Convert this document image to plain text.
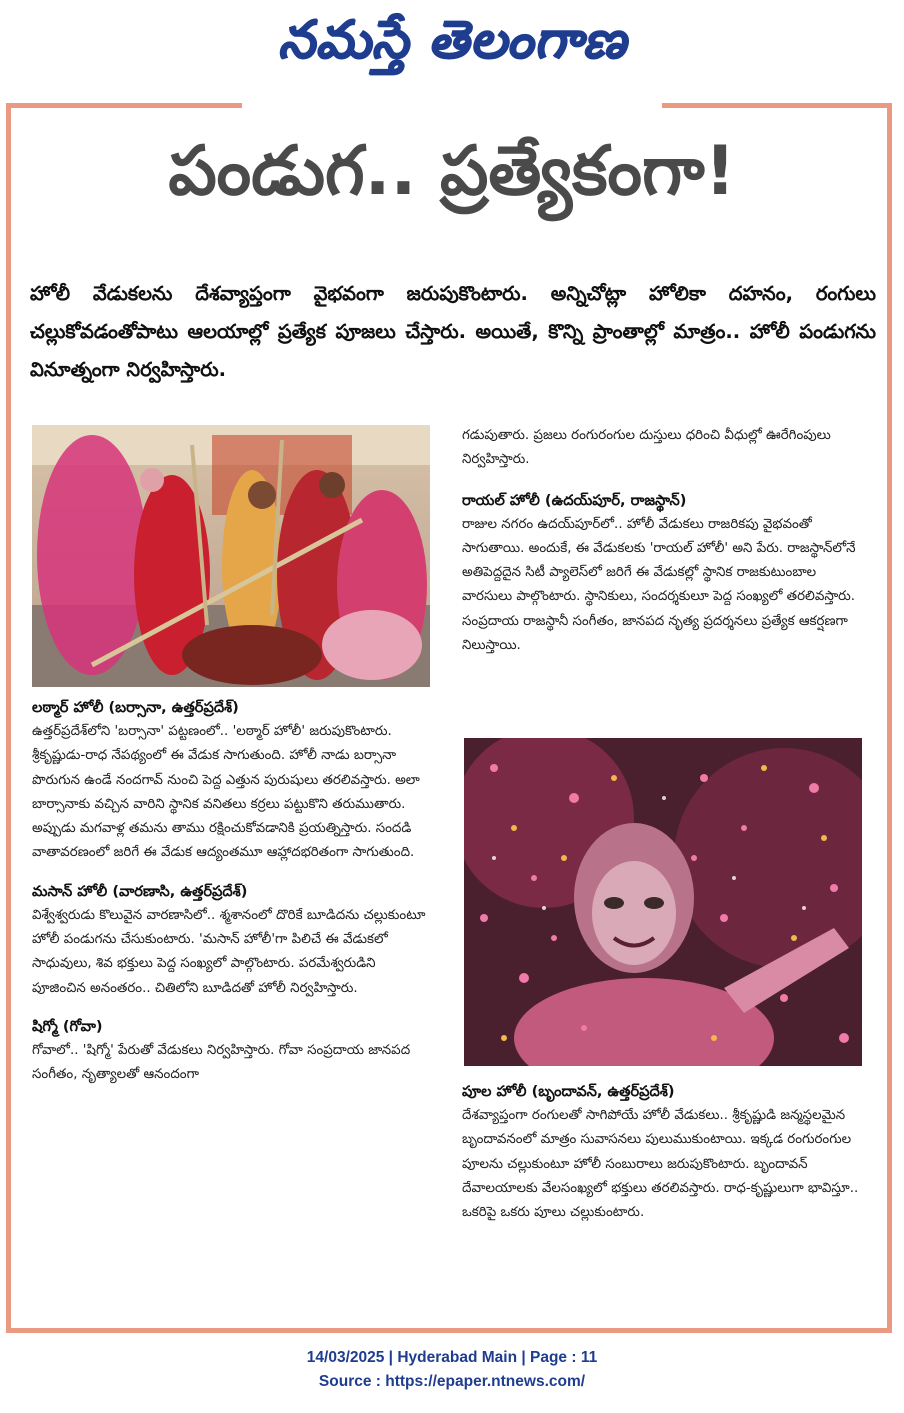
నమస్తే తెలంగాణ
పండుగ.. ప్రత్యేకంగా!
హోలీ వేడుకలను దేశవ్యాప్తంగా వైభవంగా జరుపుకొంటారు. అన్నిచోట్లా హోలికా దహనం, రంగులు చల్లుకోవడంతోపాటు ఆలయాల్లో ప్రత్యేక పూజలు చేస్తారు. అయితే, కొన్ని ప్రాంతాల్లో మాత్రం.. హోలీ పండుగను వినూత్నంగా నిర్వహిస్తారు.
లఠ్మార్ హోలీ (బర్సానా, ఉత్తర్‌ప్రదేశ్)

ఉత్తర్‌ప్రదేశ్‌లోని 'బర్సానా' పట్టణంలో.. 'లఠ్మార్ హోలీ' జరుపుకొంటారు. శ్రీకృష్ణుడు-రాధ నేపథ్యంలో ఈ వేడుక సాగుతుంది. హోలీ నాడు బర్సానా పొరుగున ఉండే నందగావ్ నుంచి పెద్ద ఎత్తున పురుషులు తరలివస్తారు. అలా బార్సానాకు వచ్చిన వారిని స్థానిక వనితలు కర్రలు పట్టుకొని తరుముతారు. అప్పుడు మగవాళ్ల తమను తాము రక్షించుకోవడానికి ప్రయత్నిస్తారు. సందడి వాతావరణంలో జరిగే ఈ వేడుక ఆద్యంతమూ ఆహ్లాదభరితంగా సాగుతుంది.

మసాన్ హోలీ (వారణాసి, ఉత్తర్‌ప్రదేశ్)

విశ్వేశ్వరుడు కొలువైన వారణాసిలో.. శ్మశానంలో దొరికే బూడిదను చల్లుకుంటూ హోలీ పండుగను చేసుకుంటారు. 'మసాన్ హోలీ'గా పిలిచే ఈ వేడుకలో సాధువులు, శివ భక్తులు పెద్ద సంఖ్యలో పాల్గొంటారు. పరమేశ్వరుడిని పూజించిన అనంతరం.. చితిలోని బూడిదతో హోలీ నిర్వహిస్తారు.

షిగ్మో (గోవా)

గోవాలో.. 'షిగ్మో' పేరుతో వేడుకలు నిర్వహిస్తారు. గోవా సంప్రదాయ జానపద సంగీతం, నృత్యాలతో ఆనందంగా

గడుపుతారు. ప్రజలు రంగురంగుల దుస్తులు ధరించి వీధుల్లో ఊరేగింపులు నిర్వహిస్తారు.

రాయల్ హోలీ (ఉదయ్‌పూర్, రాజస్థాన్)

రాజుల నగరం ఉదయ్‌పూర్‌లో.. హోలీ వేడుకలు రాజరికపు వైభవంతో సాగుతాయి. అందుకే, ఈ వేడుకలకు 'రాయల్ హోలీ' అని పేరు. రాజస్థాన్‌లోనే అతిపెద్దదైన సిటీ ప్యాలెస్‌లో జరిగే ఈ వేడుకల్లో స్థానిక రాజకుటుంబాల వారసులు పాల్గొంటారు. స్థానికులు, సందర్శకులూ పెద్ద సంఖ్యలో తరలివస్తారు. సంప్రదాయ రాజస్థానీ సంగీతం, జానపద నృత్య ప్రదర్శనలు ప్రత్యేక ఆకర్షణగా నిలుస్తాయి.

పూల హోలీ (బృందావన్, ఉత్తర్‌ప్రదేశ్)

దేశవ్యాప్తంగా రంగులతో సాగిపోయే హోలీ వేడుకలు.. శ్రీకృష్ణుడి జన్మస్థలమైన బృందావనంలో మాత్రం సువాసనలు పులుముకుంటాయి. ఇక్కడ రంగురంగుల పూలను చల్లుకుంటూ హోలీ సంబురాలు జరుపుకొంటారు. బృందావన్ దేవాలయాలకు వేలసంఖ్యలో భక్తులు తరలివస్తారు. రాధ-కృష్ణులుగా భావిస్తూ.. ఒకరిపై ఒకరు పూలు చల్లుకుంటారు.

14/03/2025 | Hyderabad Main | Page : 11
Source : https://epaper.ntnews.com/
